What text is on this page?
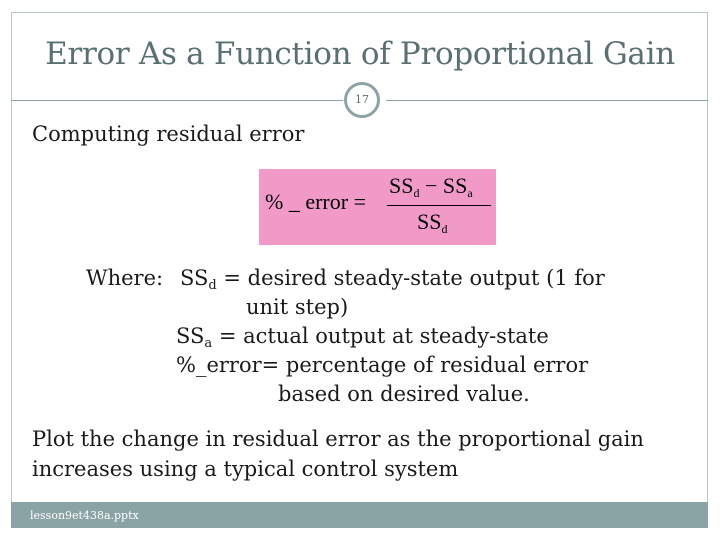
Error As a Function of Proportional Gain
17
Computing residual error
% _ error =
$SS_d - SS_a$
$SS_d$
Where: $SS_d$ = desired steady-state output (1 for
unit step)
$SS_a$ = actual output at steady-state
%_error= percentage of residual error
based on desired value.
Plot the change in residual error as the proportional gain
increases using a typical control system
lesson9et438a.pptx
